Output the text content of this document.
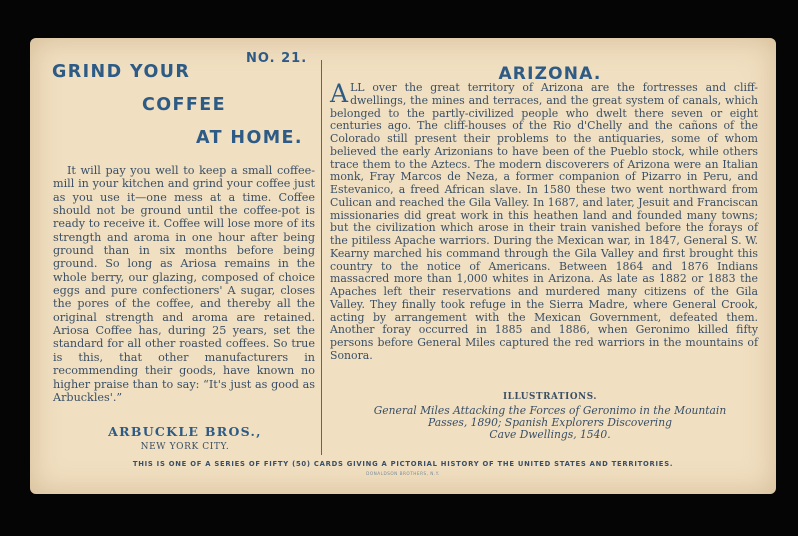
GRIND YOUR
COFFEE
AT HOME.
NO. 21.
It will pay you well to keep a small coffee-mill in your kitchen and grind your coffee just as you use it—one mess at a time. Coffee should not be ground until the coffee-pot is ready to receive it. Coffee will lose more of its strength and aroma in one hour after being ground than in six months before being ground. So long as Ariosa remains in the whole berry, our glazing, composed of choice eggs and pure confectioners' A sugar, closes the pores of the coffee, and thereby all the original strength and aroma are retained. Ariosa Coffee has, during 25 years, set the standard for all other roasted coffees. So true is this, that other manufacturers in recommending their goods, have known no higher praise than to say: “It's just as good as Arbuckles'.”
ARBUCKLE BROS.,
NEW YORK CITY.
ARIZONA.
ALL over the great territory of Arizona are the fortresses and cliff-dwellings, the mines and terraces, and the great system of canals, which belonged to the partly-civilized people who dwelt there seven or eight centuries ago. The cliff-houses of the Rio d'Chelly and the cañons of the Colorado still present their problems to the antiquaries, some of whom believed the early Arizonians to have been of the Pueblo stock, while others trace them to the Aztecs. The modern discoverers of Arizona were an Italian monk, Fray Marcos de Neza, a former companion of Pizarro in Peru, and Estevanico, a freed African slave. In 1580 these two went northward from Culican and reached the Gila Valley. In 1687, and later, Jesuit and Franciscan missionaries did great work in this heathen land and founded many towns; but the civilization which arose in their train vanished before the forays of the pitiless Apache warriors. During the Mexican war, in 1847, General S. W. Kearny marched his command through the Gila Valley and first brought this country to the notice of Americans. Between 1864 and 1876 Indians massacred more than 1,000 whites in Arizona. As late as 1882 or 1883 the Apaches left their reservations and murdered many citizens of the Gila Valley. They finally took refuge in the Sierra Madre, where General Crook, acting by arrangement with the Mexican Government, defeated them. Another foray occurred in 1885 and 1886, when Geronimo killed fifty persons before General Miles captured the red warriors in the mountains of Sonora.
ILLUSTRATIONS.
General Miles Attacking the Forces of Geronimo in the Mountain
Passes, 1890; Spanish Explorers Discovering
Cave Dwellings, 1540.
THIS IS ONE OF A SERIES OF FIFTY (50) CARDS GIVING A PICTORIAL HISTORY OF THE UNITED STATES AND TERRITORIES.
DONALDSON BROTHERS, N.Y.
